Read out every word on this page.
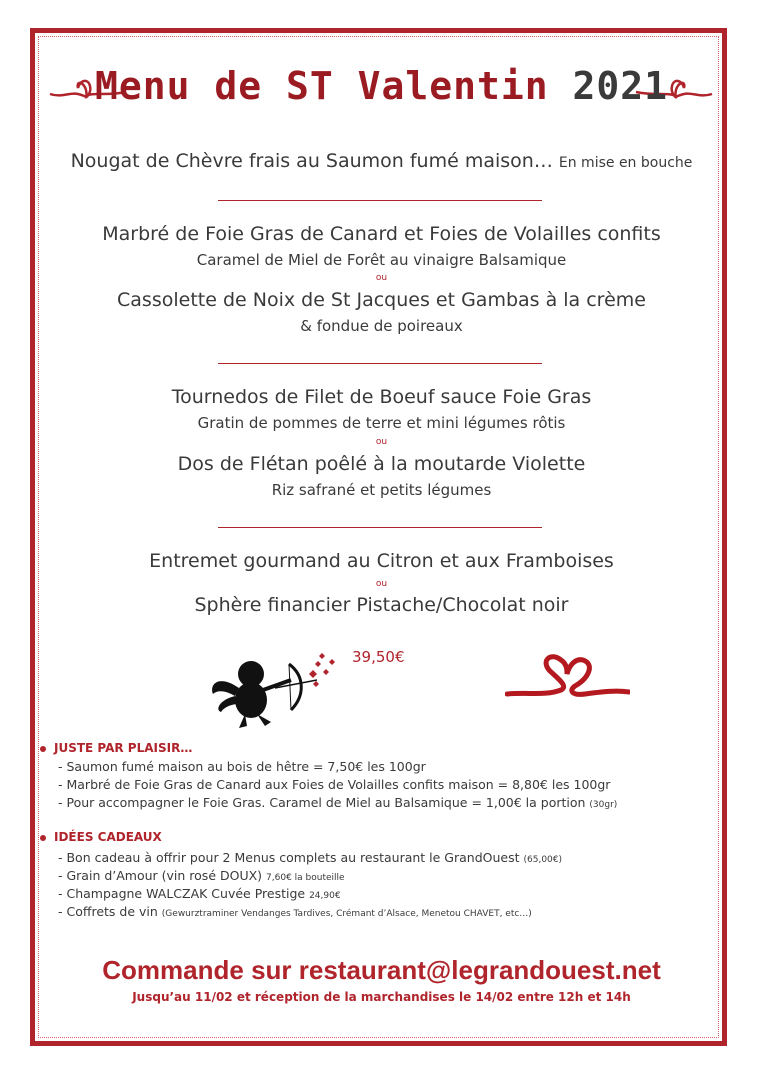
Menu de ST Valentin 2021
Nougat de Chèvre frais au Saumon fumé maison… En mise en bouche
Marbré de Foie Gras de Canard et Foies de Volailles confits
Caramel de Miel de Forêt au vinaigre Balsamique
ou
Cassolette de Noix de St Jacques et Gambas à la crème
& fondue de poireaux
Tournedos de Filet de Boeuf sauce Foie Gras
Gratin de pommes de terre et mini légumes rôtis
ou
Dos de Flétan poêlé à la moutarde Violette
Riz safrané et petits légumes
Entremet gourmand au Citron et aux Framboises
ou
Sphère financier Pistache/Chocolat noir
39,50€
JUSTE PAR PLAISIR…
- Saumon fumé maison au bois de hêtre = 7,50€ les 100gr
- Marbré de Foie Gras de Canard aux Foies de Volailles confits maison = 8,80€ les 100gr
- Pour accompagner le Foie Gras. Caramel de Miel au Balsamique = 1,00€ la portion (30gr)
IDÉES CADEAUX
- Bon cadeau à offrir pour 2 Menus complets au restaurant le GrandOuest (65,00€)
- Grain d’Amour (vin rosé DOUX) 7,60€ la bouteille
- Champagne WALCZAK Cuvée Prestige 24,90€
- Coffrets de vin (Gewurztraminer Vendanges Tardives, Crémant d’Alsace, Menetou CHAVET, etc…)
Commande sur restaurant@legrandouest.net
Jusqu’au 11/02 et réception de la marchandises le 14/02 entre 12h et 14h
